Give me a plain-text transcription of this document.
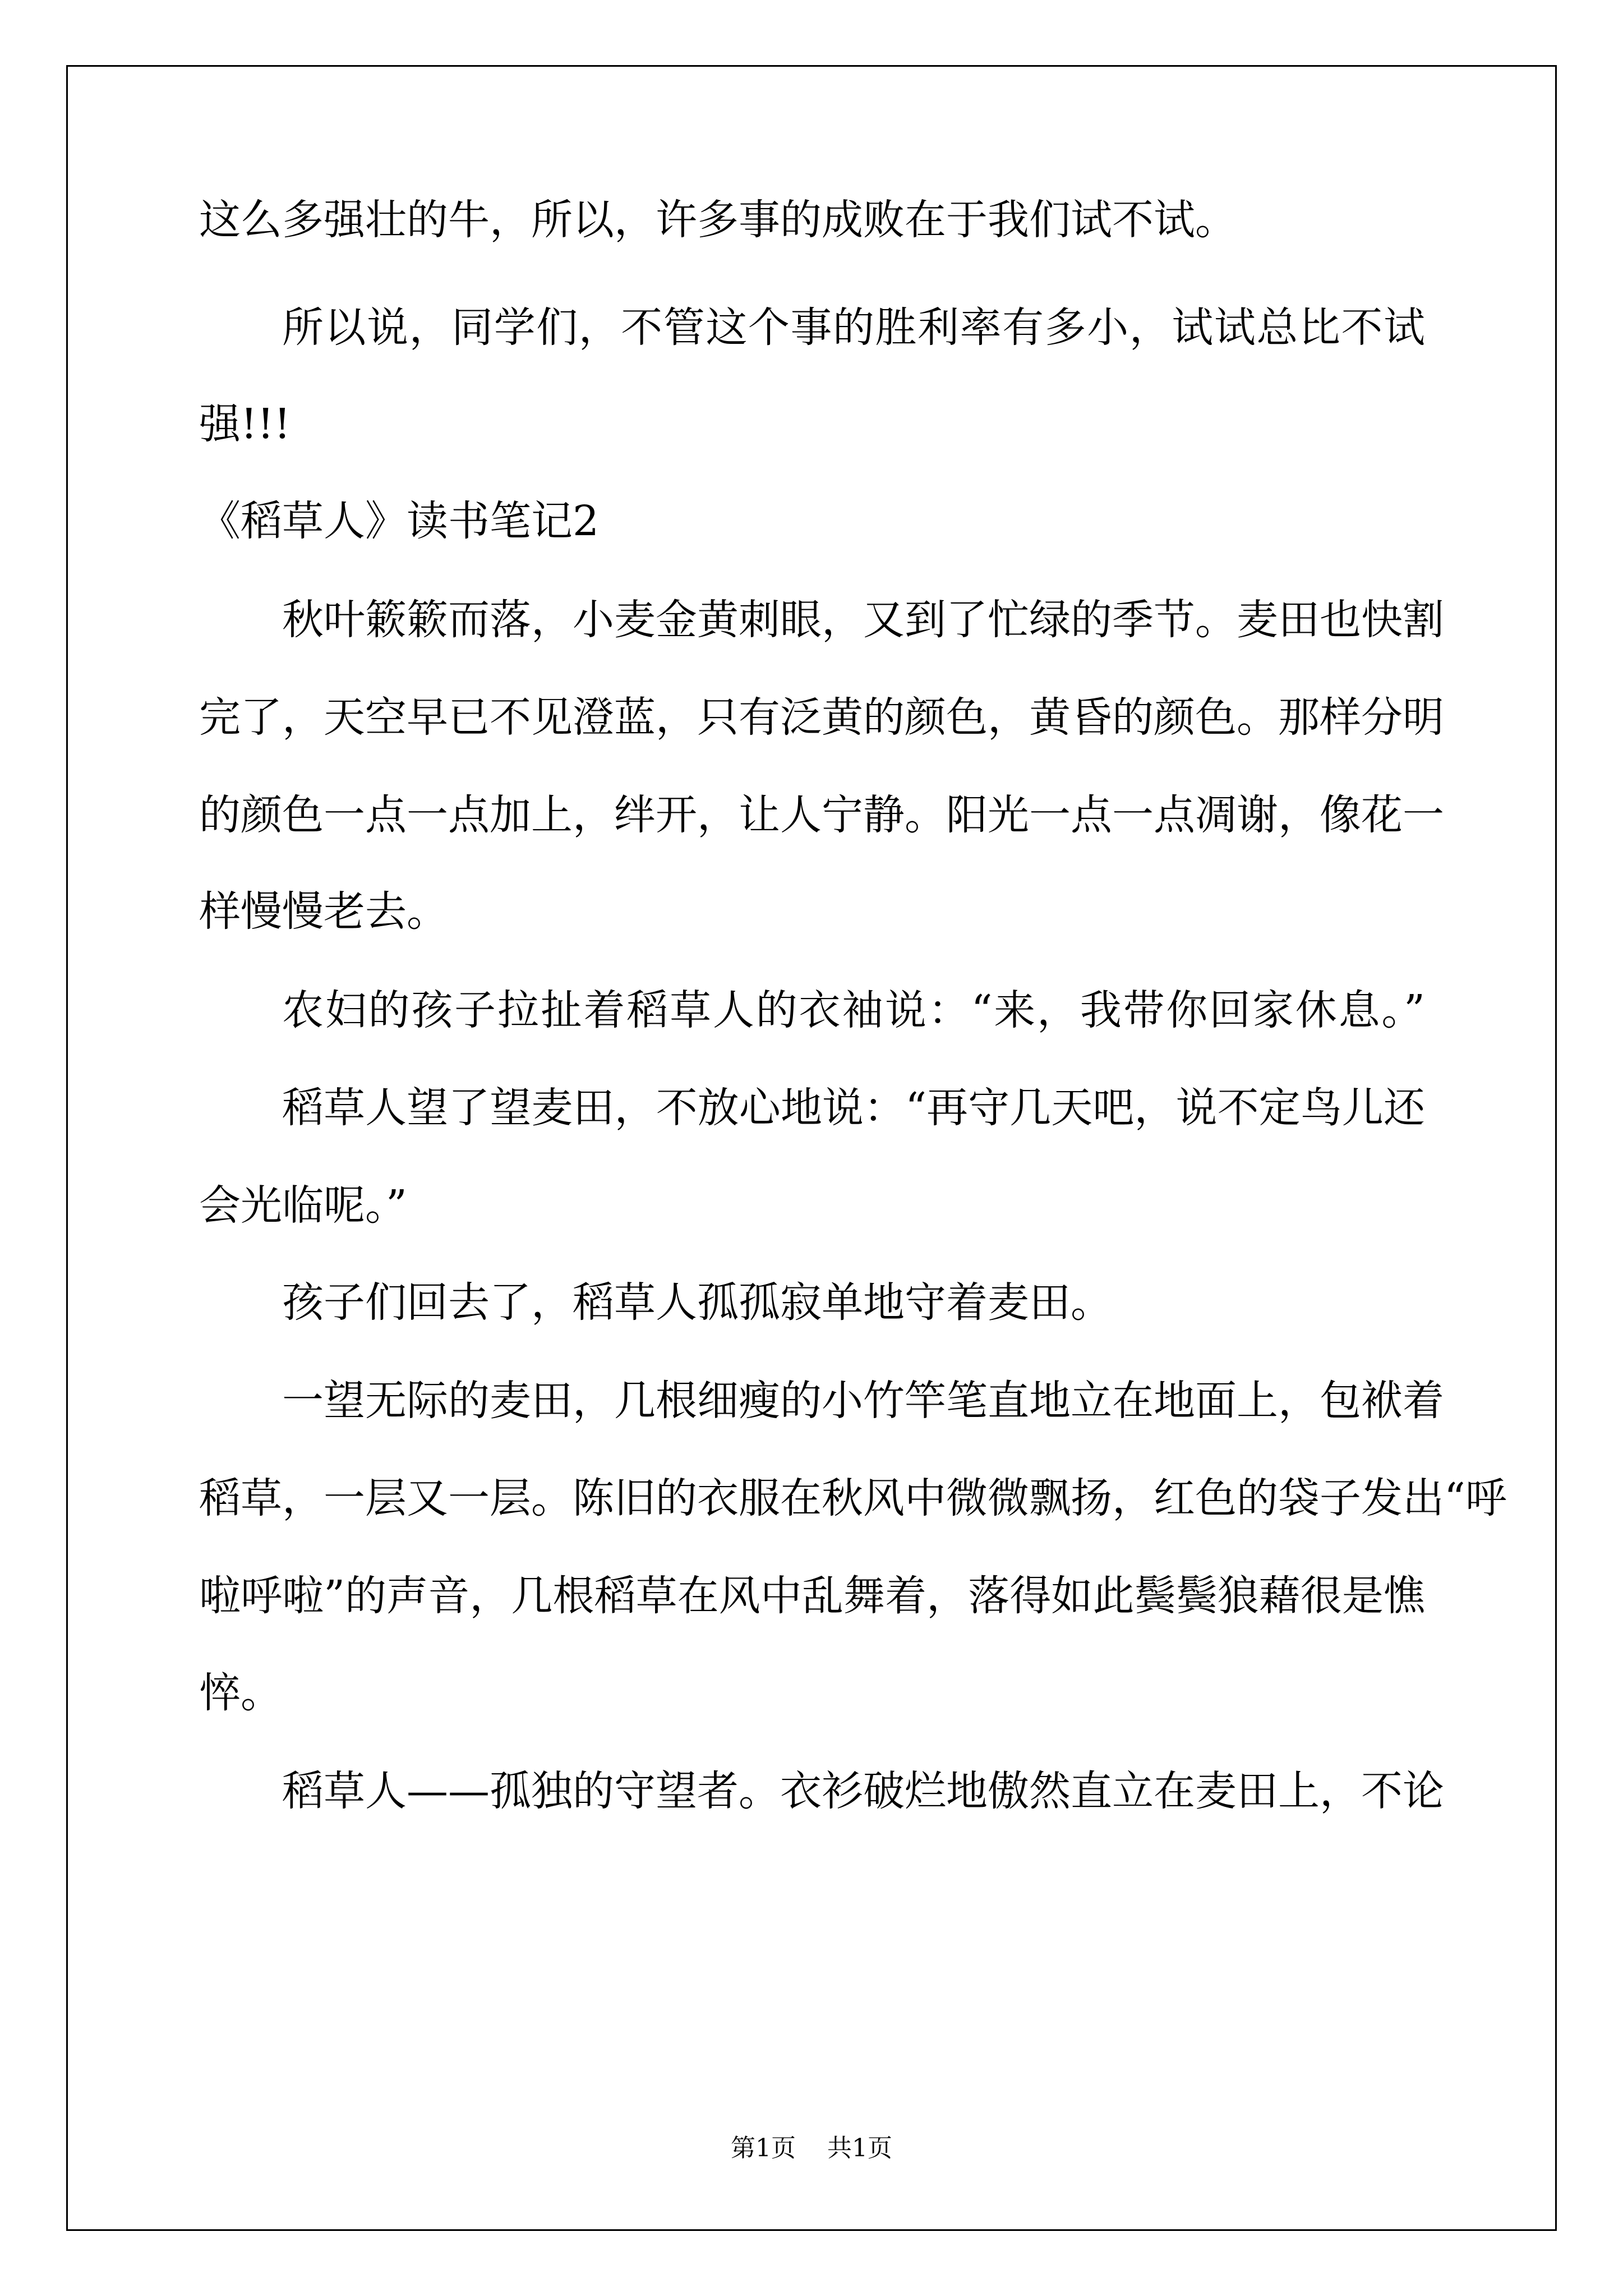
这么多强壮的牛，所以，许多事的成败在于我们试不试。
所以说，同学们，不管这个事的胜利率有多小，试试总比不试
强!!!
《稻草人》读书笔记2
秋叶簌簌而落，小麦金黄刺眼，又到了忙绿的季节。麦田也快割
完了，天空早已不见澄蓝，只有泛黄的颜色，黄昏的颜色。那样分明
的颜色一点一点加上，绊开，让人宁静。阳光一点一点凋谢，像花一
样慢慢老去。
农妇的孩子拉扯着稻草人的衣袖说：“来，我带你回家休息。”
稻草人望了望麦田，不放心地说：“再守几天吧，说不定鸟儿还
会光临呢。”
孩子们回去了，稻草人孤孤寂单地守着麦田。
一望无际的麦田，几根细瘦的小竹竿笔直地立在地面上，包袱着
稻草，一层又一层。陈旧的衣服在秋风中微微飘扬，红色的袋子发出“呼
啦呼啦”的声音，几根稻草在风中乱舞着，落得如此鬓鬓狼藉很是憔
悴。
稻草人——孤独的守望者。衣衫破烂地傲然直立在麦田上，不论
第1页    共1页
